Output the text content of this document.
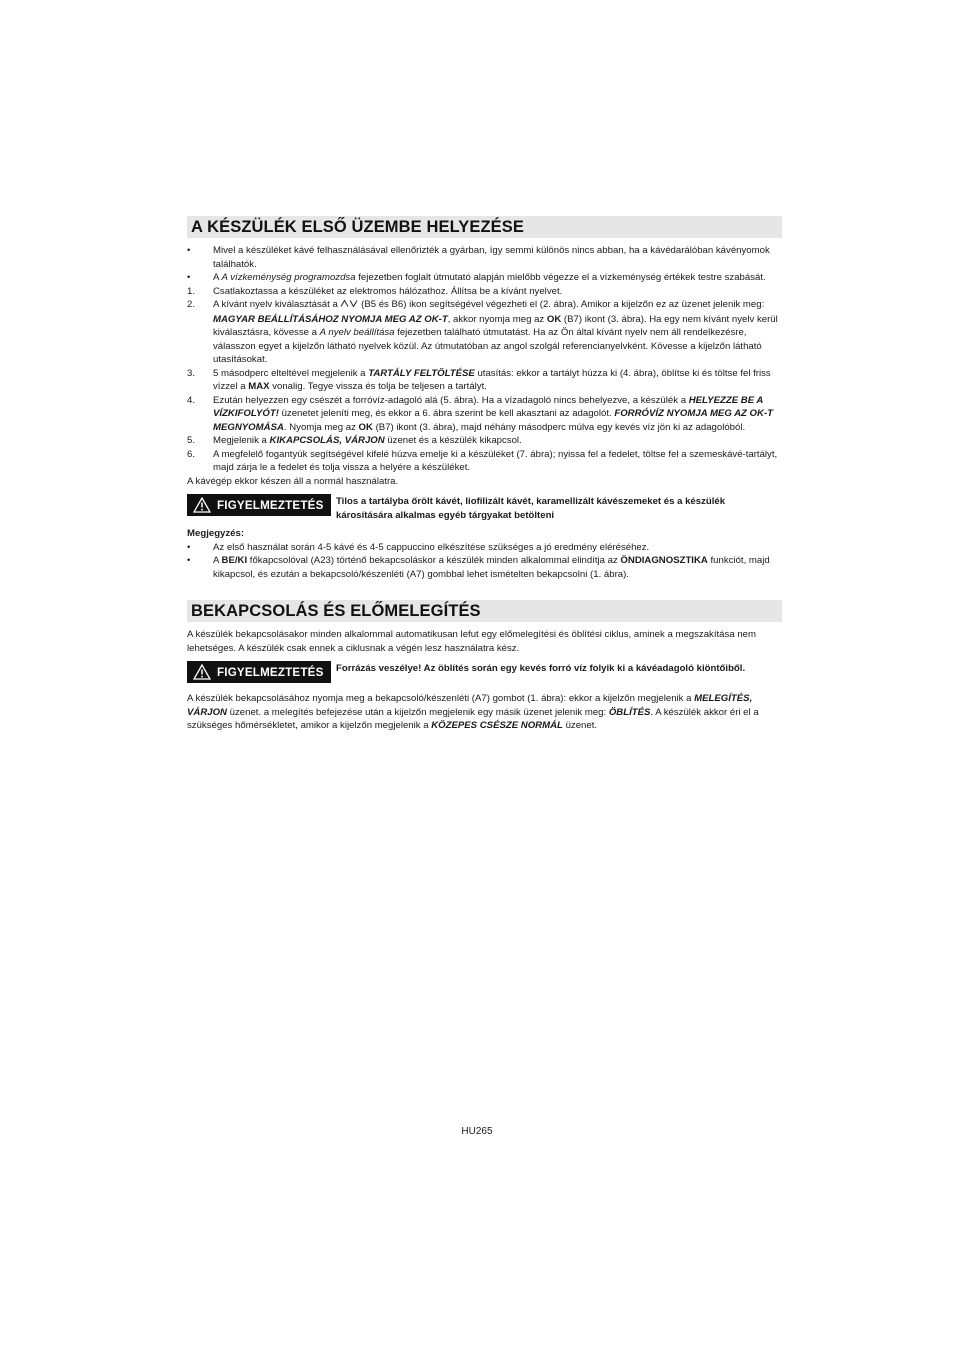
A KÉSZÜLÉK ELSŐ ÜZEMBE HELYEZÉSE
•	Mivel a készüléket kávé felhasználásával ellenőrizték a gyárban, így semmi különös nincs abban, ha a kávédarálóban kávényomok találhatók.
•	A A vízkeménység programozdsa fejezetben foglalt útmutató alapján mielőbb végezze el a vízkeménység értékek testre szabását.
1.	Csatlakoztassa a készüléket az elektromos hálózathoz. Állítsa be a kívánt nyelvet.
2.	A kívánt nyelv kiválasztását a  (B5 és B6) ikon segítségével végezheti el (2. ábra). Amikor a kijelzőn ez az üzenet jelenik meg: MAGYAR BEÁLLÍTÁSÁHOZ NYOMJA MEG AZ OK-T, akkor nyomja meg az OK (B7) ikont (3. ábra). Ha egy nem kívánt nyelv kerül kiválasztásra, kövesse a A nyelv beállítása fejezetben található útmutatást. Ha az Ön által kívánt nyelv nem áll rendelkezésre, válasszon egyet a kijelzőn látható nyelvek közül. Az útmutatóban az angol szolgál referencianyelvként. Kövesse a kijelzőn látható utasításokat.
3.	5 másodperc elteltével megjelenik a TARTÁLY FELTÖLTÉSE utasítás: ekkor a tartályt húzza ki (4. ábra), öblítse ki és töltse fel friss vízzel a MAX vonalig. Tegye vissza és tolja be teljesen a tartályt.
4.	Ezután helyezzen egy csészét a forróvíz-adagoló alá (5. ábra). Ha a vízadagoló nincs behelyezve, a készülék a HELYEZZE BE A VÍZKIFOLYÓT! üzenetet jeleníti meg, és ekkor a 6. ábra szerint be kell akasztani az adagolót. FORRÓVÍZ NYOMJA MEG AZ OK-T MEGNYOMÁSA. Nyomja meg az OK (B7) ikont (3. ábra), majd néhány másodperc múlva egy kevés víz jön ki az adagolóból.
5.	Megjelenik a KIKAPCSOLÁS, VÁRJON üzenet és a készülék kikapcsol.
6.	A megfelelő fogantyúk segítségével kifelé húzva emelje ki a készüléket (7. ábra); nyissa fel a fedelet, töltse fel a szemeskávé-tartályt, majd zárja le a fedelet és tolja vissza a helyére a készüléket.
A kávégép ekkor készen áll a normál használatra.
FIGYELMEZTETÉS Tilos a tartályba őrölt kávét, liofilizált kávét, karamellizált kávészemeket és a készülék károsítására alkalmas egyéb tárgyakat betölteni
Megjegyzés:
•	Az első használat során 4-5 kávé és 4-5 cappuccino elkészítése szükséges a jó eredmény eléréséhez.
•	A BE/KI főkapcsolóval (A23) történő bekapcsoláskor a készülék minden alkalommal elindítja az ÖNDIAGNOSZTIKA funkciót, majd kikapcsol, és ezután a bekapcsoló/készenléti (A7) gombbal lehet ismételten bekapcsolni (1. ábra).
BEKAPCSOLÁS ÉS ELŐMELEGÍTÉS
A készülék bekapcsolásakor minden alkalommal automatikusan lefut egy előmelegítési és öblítési ciklus, aminek a megszakítása nem lehetséges. A készülék csak ennek a ciklusnak a végén lesz használatra kész.
FIGYELMEZTETÉS Forrázás veszélye! Az öblítés során egy kevés forró víz folyik ki a kávéadagoló kiöntőiből.
A készülék bekapcsolásához nyomja meg a bekapcsoló/készenléti (A7) gombot (1. ábra): ekkor a kijelzőn megjelenik a MELEGÍTÉS, VÁRJON üzenet. a melegítés befejezése után a kijelzőn megjelenik egy másik üzenet jelenik meg: ÖBLÍTÉS. A készülék akkor éri el a szükséges hőmérsékletet, amikor a kijelzőn megjelenik a KÖZEPES CSÉSZE NORMÁL üzenet.
HU265
